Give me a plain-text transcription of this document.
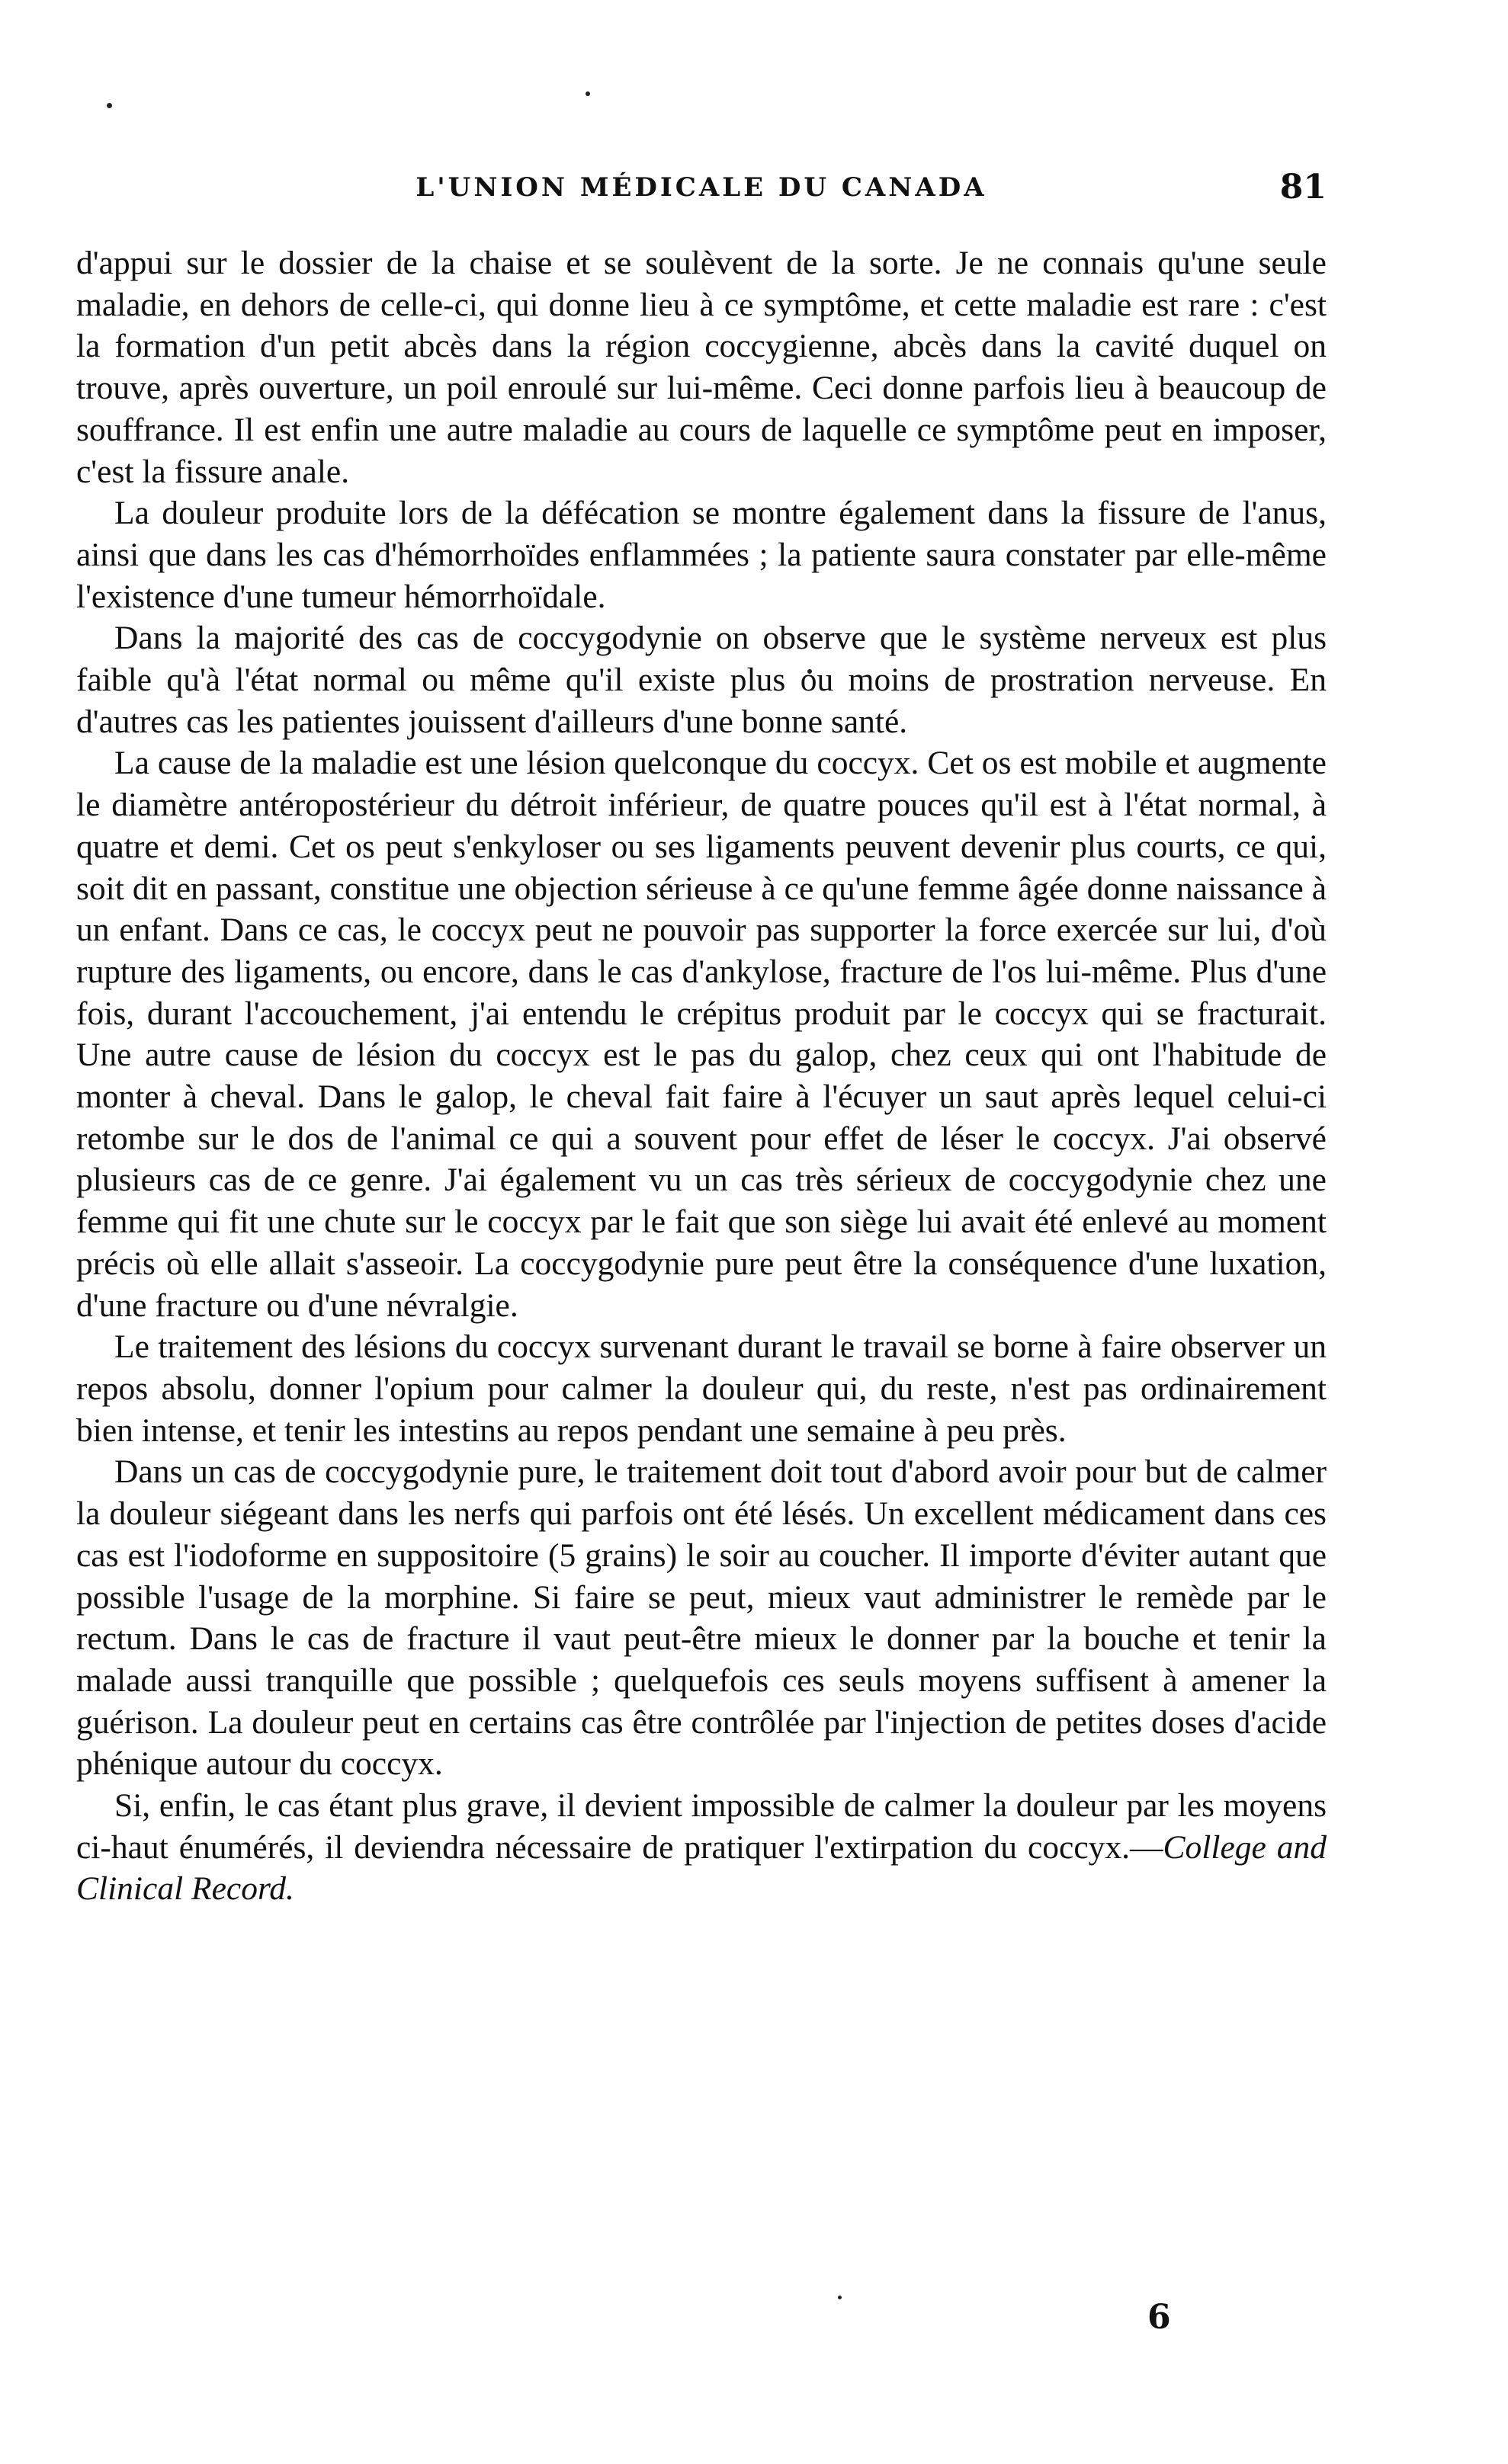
L'UNION MÉDICALE DU CANADA	81

d'appui sur le dossier de la chaise et se soulèvent de la sorte. Je ne connais qu'une seule maladie, en dehors de celle-ci, qui donne lieu à ce symptôme, et cette maladie est rare : c'est la formation d'un petit abcès dans la région coccygienne, abcès dans la cavité duquel on trouve, après ouverture, un poil enroulé sur lui-même. Ceci donne parfois lieu à beaucoup de souffrance. Il est enfin une autre maladie au cours de laquelle ce symptôme peut en imposer, c'est la fissure anale.

La douleur produite lors de la défécation se montre également dans la fissure de l'anus, ainsi que dans les cas d'hémorrhoïdes enflammées ; la patiente saura constater par elle-même l'existence d'une tumeur hémorrhoïdale.

Dans la majorité des cas de coccygodynie on observe que le système nerveux est plus faible qu'à l'état normal ou même qu'il existe plus ou moins de prostration nerveuse. En d'autres cas les patientes jouissent d'ailleurs d'une bonne santé.

La cause de la maladie est une lésion quelconque du coccyx. Cet os est mobile et augmente le diamètre antéropostérieur du détroit inférieur, de quatre pouces qu'il est à l'état normal, à quatre et demi. Cet os peut s'enkyloser ou ses ligaments peuvent devenir plus courts, ce qui, soit dit en passant, constitue une objection sérieuse à ce qu'une femme âgée donne naissance à un enfant. Dans ce cas, le coccyx peut ne pouvoir pas supporter la force exercée sur lui, d'où rupture des ligaments, ou encore, dans le cas d'ankylose, fracture de l'os lui-même. Plus d'une fois, durant l'accouchement, j'ai entendu le crépitus produit par le coccyx qui se fracturait. Une autre cause de lésion du coccyx est le pas du galop, chez ceux qui ont l'habitude de monter à cheval. Dans le galop, le cheval fait faire à l'écuyer un saut après lequel celui-ci retombe sur le dos de l'animal ce qui a souvent pour effet de léser le coccyx. J'ai observé plusieurs cas de ce genre. J'ai également vu un cas très sérieux de coccygodynie chez une femme qui fit une chute sur le coccyx par le fait que son siège lui avait été enlevé au moment précis où elle allait s'asseoir. La coccygodynie pure peut être la conséquence d'une luxation, d'une fracture ou d'une névralgie.

Le traitement des lésions du coccyx survenant durant le travail se borne à faire observer un repos absolu, donner l'opium pour calmer la douleur qui, du reste, n'est pas ordinairement bien intense, et tenir les intestins au repos pendant une semaine à peu près.

Dans un cas de coccygodynie pure, le traitement doit tout d'abord avoir pour but de calmer la douleur siégeant dans les nerfs qui parfois ont été lésés. Un excellent médicament dans ces cas est l'iodoforme en suppositoire (5 grains) le soir au coucher. Il importe d'éviter autant que possible l'usage de la morphine. Si faire se peut, mieux vaut administrer le remède par le rectum. Dans le cas de fracture il vaut peut-être mieux le donner par la bouche et tenir la malade aussi tranquille que possible ; quelquefois ces seuls moyens suffisent à amener la guérison. La douleur peut en certains cas être contrôlée par l'injection de petites doses d'acide phénique autour du coccyx.

Si, enfin, le cas étant plus grave, il devient impossible de calmer la douleur par les moyens ci-haut énumérés, il deviendra nécessaire de pratiquer l'extirpation du coccyx.—College and Clinical Record.

6
